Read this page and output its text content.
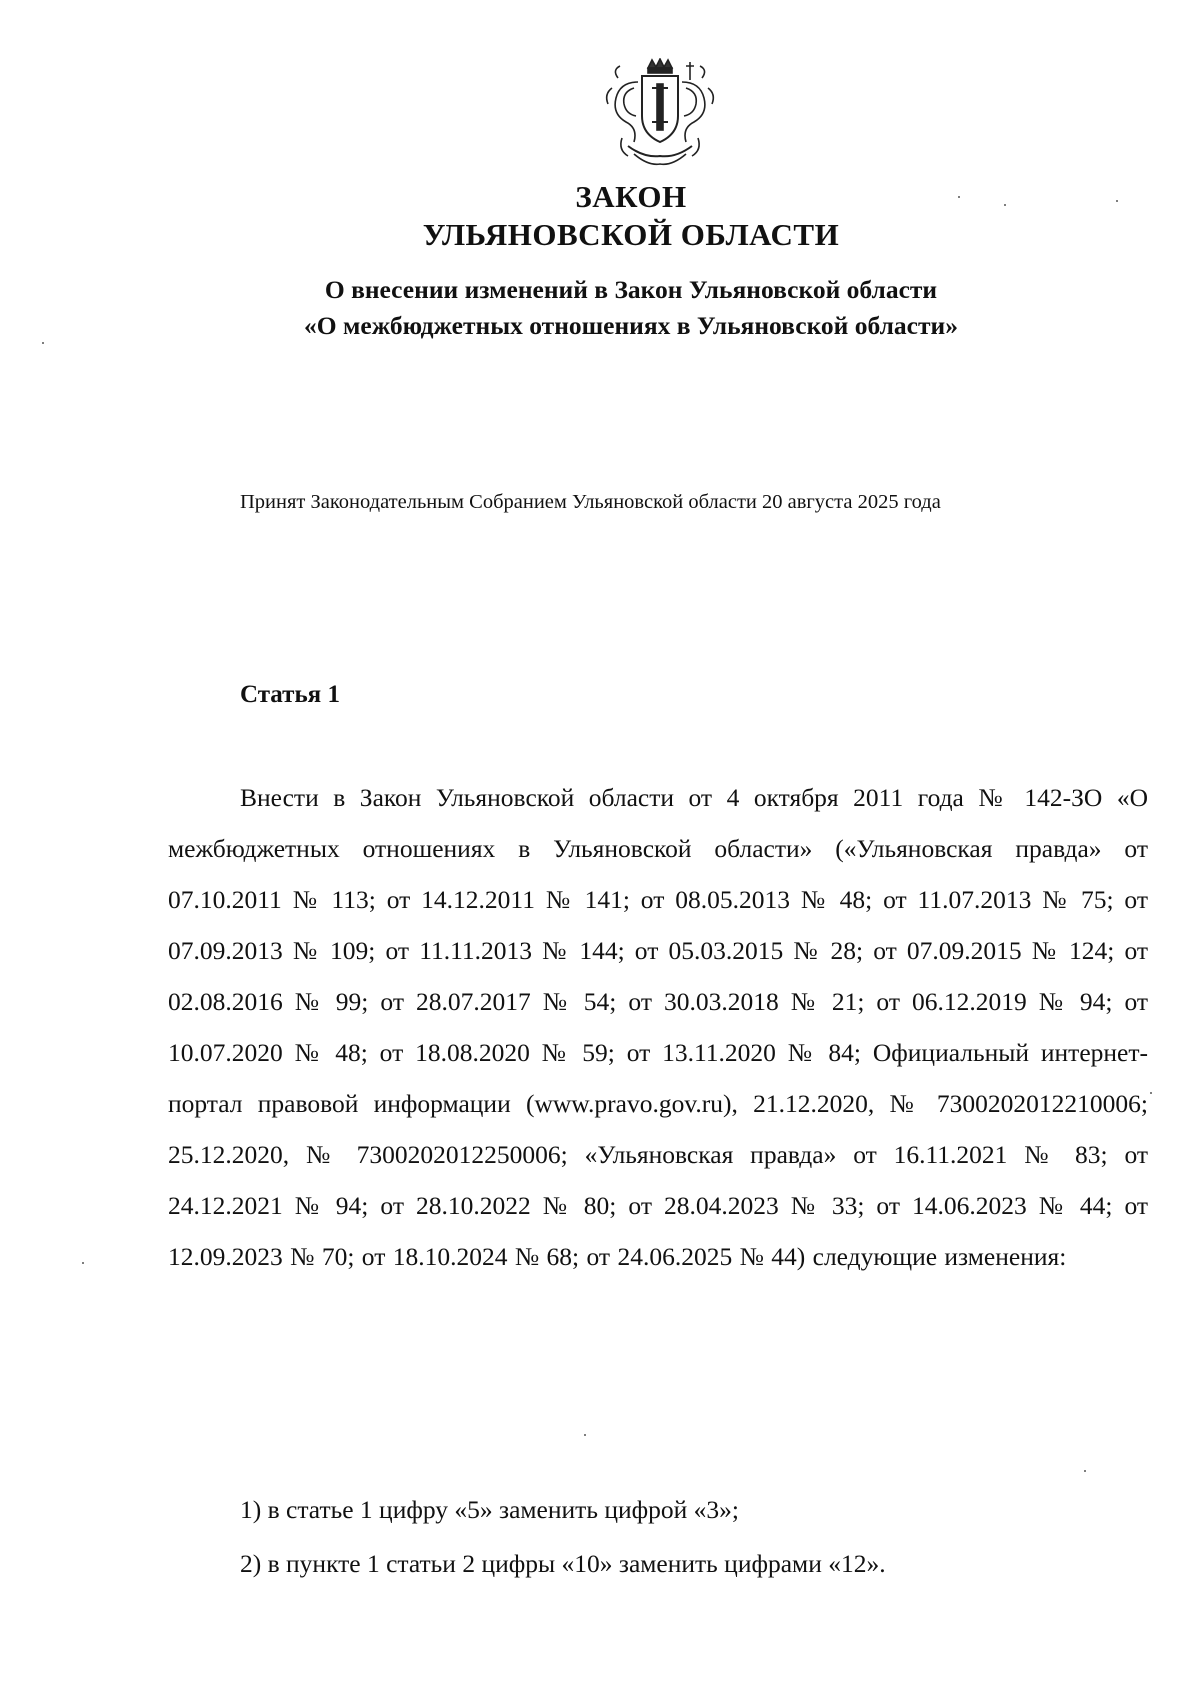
ЗАКОН
УЛЬЯНОВСКОЙ ОБЛАСТИ
О внесении изменений в Закон Ульяновской области
«О межбюджетных отношениях в Ульяновской области»
Принят Законодательным Собранием Ульяновской области 20 августа 2025 года
Статья 1
Внести в Закон Ульяновской области от 4 октября 2011 года № 142-ЗО «О межбюджетных отношениях в Ульяновской области» («Ульяновская правда» от 07.10.2011 № 113; от 14.12.2011 № 141; от 08.05.2013 № 48; от 11.07.2013 № 75; от 07.09.2013 № 109; от 11.11.2013 № 144; от 05.03.2015 № 28; от 07.09.2015 № 124; от 02.08.2016 № 99; от 28.07.2017 № 54; от 30.03.2018 № 21; от 06.12.2019 № 94; от 10.07.2020 № 48; от 18.08.2020 № 59; от 13.11.2020 № 84; Официальный интернет-портал правовой информации (www.pravo.gov.ru), 21.12.2020, № 7300202012210006; 25.12.2020, № 7300202012250006; «Ульяновская правда» от 16.11.2021 № 83; от 24.12.2021 № 94; от 28.10.2022 № 80; от 28.04.2023 № 33; от 14.06.2023 № 44; от 12.09.2023 № 70; от 18.10.2024 № 68; от 24.06.2025 № 44) следующие изменения:
1) в статье 1 цифру «5» заменить цифрой «3»;
2) в пункте 1 статьи 2 цифры «10» заменить цифрами «12».
